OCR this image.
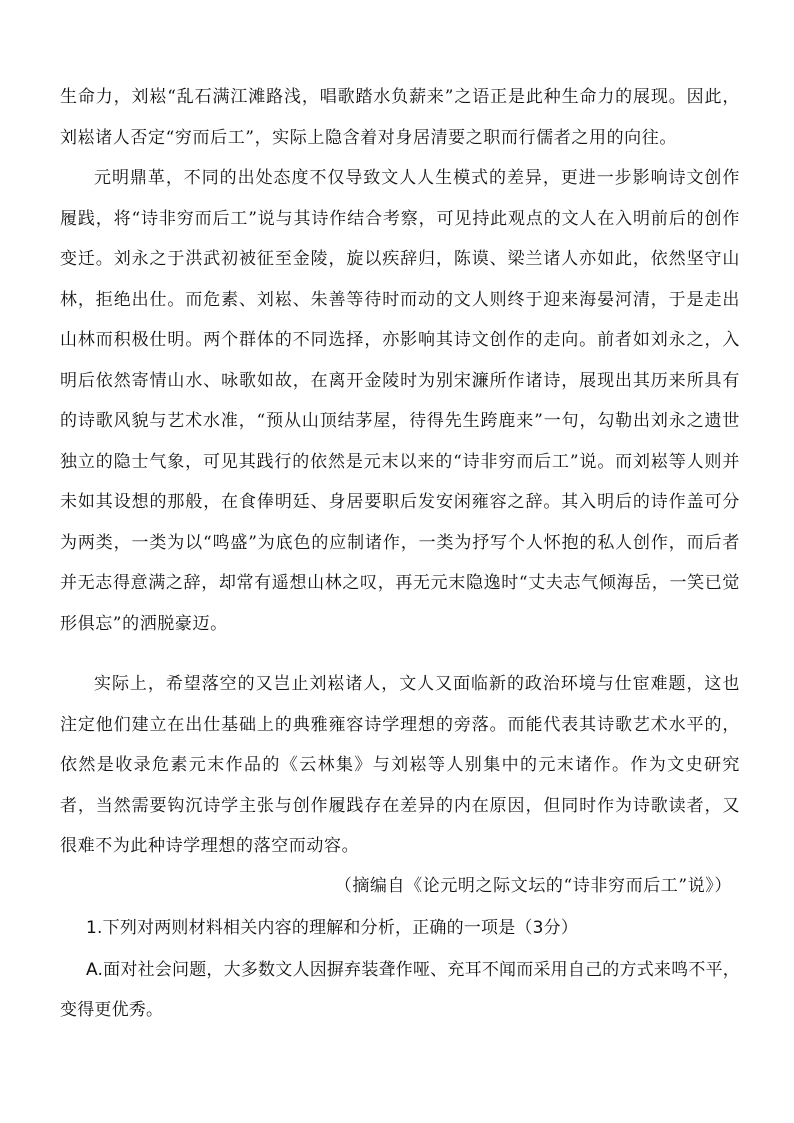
生命力，刘崧“乱石满江滩路浅，唱歌踏水负薪来”之语正是此种生命力的展现。因此，刘崧诸人否定“穷而后工”，实际上隐含着对身居清要之职而行儒者之用的向往。

元明鼎革，不同的出处态度不仅导致文人人生模式的差异，更进一步影响诗文创作履践，将“诗非穷而后工”说与其诗作结合考察，可见持此观点的文人在入明前后的创作变迁。刘永之于洪武初被征至金陵，旋以疾辞归，陈谟、梁兰诸人亦如此，依然坚守山林，拒绝出仕。而危素、刘崧、朱善等待时而动的文人则终于迎来海晏河清，于是走出山林而积极仕明。两个群体的不同选择，亦影响其诗文创作的走向。前者如刘永之，入明后依然寄情山水、咏歌如故，在离开金陵时为别宋濂所作诸诗，展现出其历来所具有的诗歌风貌与艺术水准，“预从山顶结茅屋，待得先生跨鹿来”一句，勾勒出刘永之遗世独立的隐士气象，可见其践行的依然是元末以来的“诗非穷而后工”说。而刘崧等人则并未如其设想的那般，在食俸明廷、身居要职后发安闲雍容之辞。其入明后的诗作盖可分为两类，一类为以“鸣盛”为底色的应制诸作，一类为抒写个人怀抱的私人创作，而后者并无志得意满之辞，却常有遥想山林之叹，再无元末隐逸时“丈夫志气倾海岳，一笑已觉形俱忘”的洒脱豪迈。

实际上，希望落空的又岂止刘崧诸人，文人又面临新的政治环境与仕宦难题，这也注定他们建立在出仕基础上的典雅雍容诗学理想的旁落。而能代表其诗歌艺术水平的，依然是收录危素元末作品的《云林集》与刘崧等人别集中的元末诸作。作为文史研究者，当然需要钩沉诗学主张与创作履践存在差异的内在原因，但同时作为诗歌读者，又很难不为此种诗学理想的落空而动容。

（摘编自《论元明之际文坛的“诗非穷而后工”说》）

1.下列对两则材料相关内容的理解和分析，正确的一项是（3分）

A.面对社会问题，大多数文人因摒弃装聋作哑、充耳不闻而采用自己的方式来鸣不平，变得更优秀。
